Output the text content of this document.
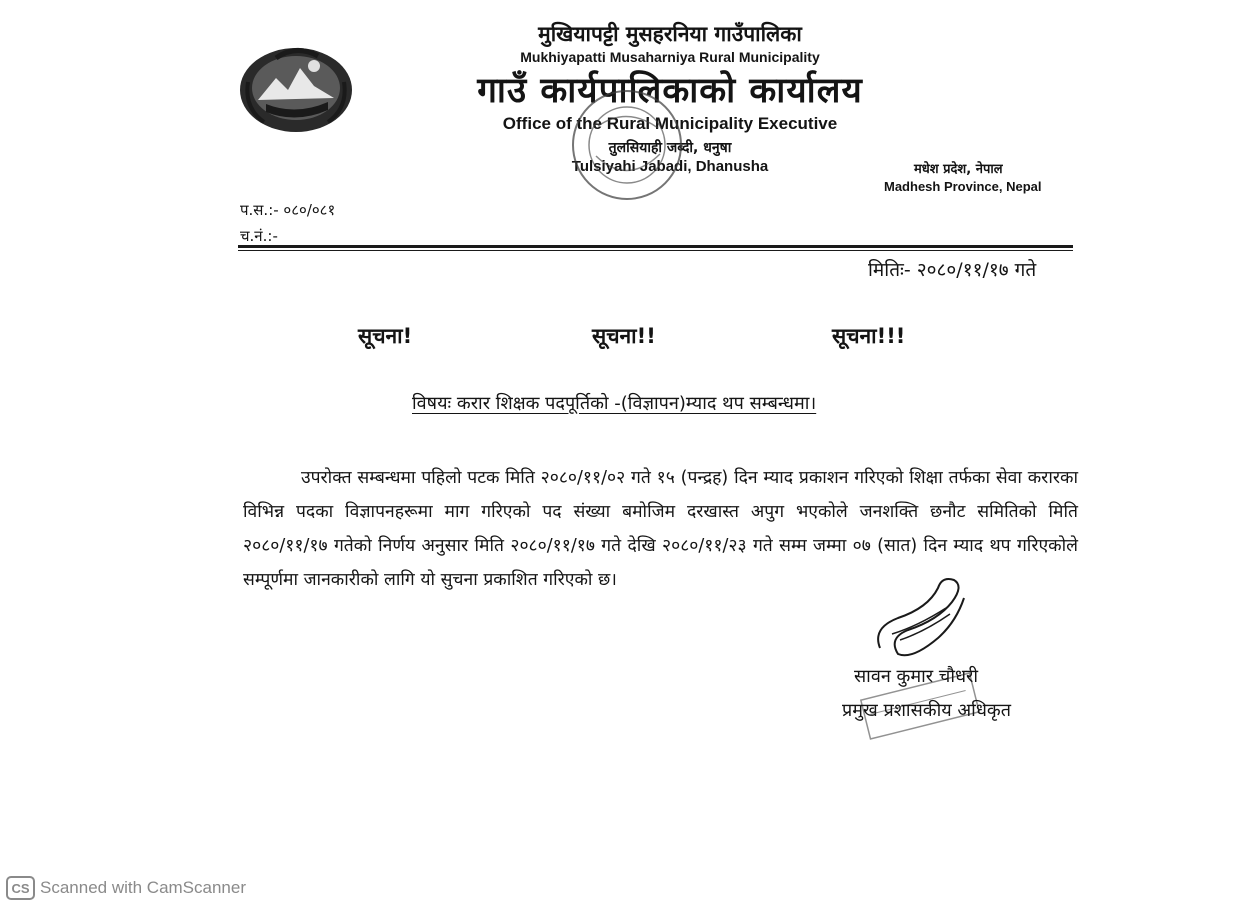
मुखियापट्टी मुसहरनिया गाउँपालिका
Mukhiyapatti Musaharniya Rural Municipality
गाउँ कार्यपालिकाको कार्यालय
Office of the Rural Municipality Executive
तुलसियाही जब्दी, धनुषा
Tulsiyahi Jabadi, Dhanusha	मधेश प्रदेश, नेपाल
Madhesh Province, Nepal
प.स.:- ०८०/०८१
च.नं.:-
मितिः- २०८०/११/१७ गते
सूचना!	सूचना!!	सूचना!!!
विषयः करार शिक्षक पदपूर्तिको -(विज्ञापन)म्याद थप सम्बन्धमा।
उपरोक्त सम्बन्धमा पहिलो पटक मिति २०८०/११/०२ गते १५ (पन्द्रह) दिन म्याद प्रकाशन गरिएको शिक्षा तर्फका सेवा करारका विभिन्न पदका विज्ञापनहरूमा माग गरिएको पद संख्या बमोजिम दरखास्त अपुग भएकोले जनशक्ति छनौट समितिको मिति २०८०/११/१७ गतेको निर्णय अनुसार मिति २०८०/११/१७ गते देखि २०८०/११/२३ गते सम्म जम्मा ०७ (सात) दिन म्याद थप गरिएकोले सम्पूर्णमा जानकारीको लागि यो सुचना प्रकाशित गरिएको छ।
सावन कुमार चौधरी
प्रमुख प्रशासकीय अधिकृत
CS Scanned with CamScanner
